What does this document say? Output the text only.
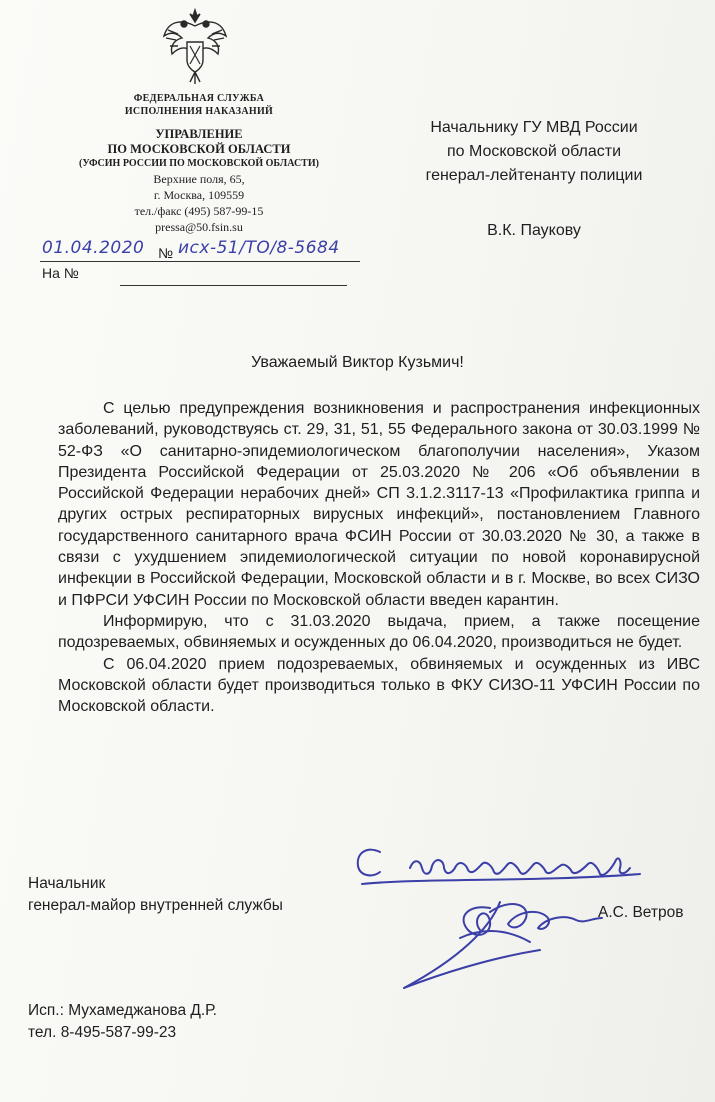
ФЕДЕРАЛЬНАЯ СЛУЖБА
ИСПОЛНЕНИЯ НАКАЗАНИЙ
УПРАВЛЕНИЕ
ПО МОСКОВСКОЙ ОБЛАСТИ
(УФСИН РОССИИ ПО МОСКОВСКОЙ ОБЛАСТИ)
Верхние поля, 65,
г. Москва, 109559
тел./факс (495) 587-99-15
pressa@50.fsin.su
01.04.2020 № исх-51/ТО/8-5684
На №
Начальнику ГУ МВД России
по Московской области
генерал-лейтенанту полиции
В.К. Паукову
Уважаемый Виктор Кузьмич!

С целью предупреждения возникновения и распространения инфекционных заболеваний, руководствуясь ст. 29, 31, 51, 55 Федерального закона от 30.03.1999 № 52-ФЗ «О санитарно-эпидемиологическом благополучии населения», Указом Президента Российской Федерации от 25.03.2020 № 206 «Об объявлении в Российской Федерации нерабочих дней» СП 3.1.2.3117-13 «Профилактика гриппа и других острых респираторных вирусных инфекций», постановлением Главного государственного санитарного врача ФСИН России от 30.03.2020 № 30, а также в связи с ухудшением эпидемиологической ситуации по новой коронавирусной инфекции в Российской Федерации, Московской области и в г. Москве, во всех СИЗО и ПФРСИ УФСИН России по Московской области введен карантин.

Информирую, что с 31.03.2020 выдача, прием, а также посещение подозреваемых, обвиняемых и осужденных до 06.04.2020, производиться не будет.

С 06.04.2020 прием подозреваемых, обвиняемых и осужденных из ИВС Московской области будет производиться только в ФКУ СИЗО-11 УФСИН России по Московской области.

Начальник
генерал-майор внутренней службы	А.С. Ветров
Исп.: Мухамеджанова Д.Р.
тел. 8-495-587-99-23
